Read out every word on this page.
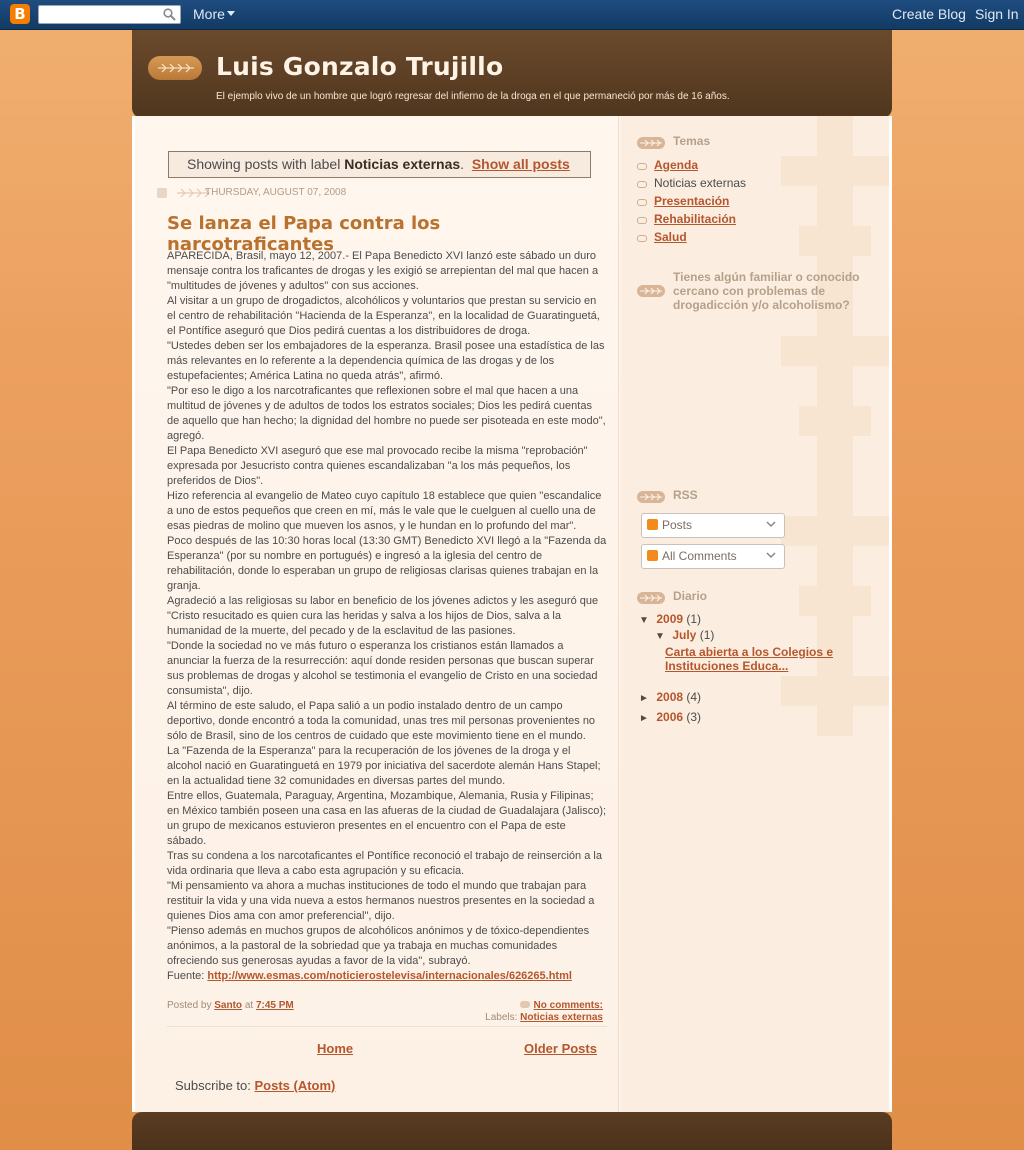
B	More	Create Blog Sign In
Luis Gonzalo Trujillo
El ejemplo vivo de un hombre que logró regresar del infierno de la droga en el que permaneció por más de 16 años.
Showing posts with label Noticias externas. Show all posts
THURSDAY, AUGUST 07, 2008
Se lanza el Papa contra los narcotraficantes

APARECIDA, Brasil, mayo 12, 2007.- El Papa Benedicto XVI lanzó este sábado un duro mensaje contra los traficantes de drogas y les exigió se arrepientan del mal que hacen a "multitudes de jóvenes y adultos" con sus acciones.

Al visitar a un grupo de drogadictos, alcohólicos y voluntarios que prestan su servicio en el centro de rehabilitación "Hacienda de la Esperanza", en la localidad de Guaratinguetá, el Pontífice aseguró que Dios pedirá cuentas a los distribuidores de droga.

"Ustedes deben ser los embajadores de la esperanza. Brasil posee una estadística de las más relevantes en lo referente a la dependencia química de las drogas y de los estupefacientes; América Latina no queda atrás", afirmó.

"Por eso le digo a los narcotraficantes que reflexionen sobre el mal que hacen a una multitud de jóvenes y de adultos de todos los estratos sociales; Dios les pedirá cuentas de aquello que han hecho; la dignidad del hombre no puede ser pisoteada en este modo", agregó.

El Papa Benedicto XVI aseguró que ese mal provocado recibe la misma "reprobación" expresada por Jesucristo contra quienes escandalizaban "a los más pequeños, los preferidos de Dios".

Hizo referencia al evangelio de Mateo cuyo capítulo 18 establece que quien "escandalice a uno de estos pequeños que creen en mí, más le vale que le cuelguen al cuello una de esas piedras de molino que mueven los asnos, y le hundan en lo profundo del mar".

Poco después de las 10:30 horas local (13:30 GMT) Benedicto XVI llegó a la "Fazenda da Esperanza" (por su nombre en portugués) e ingresó a la iglesia del centro de rehabilitación, donde lo esperaban un grupo de religiosas clarisas quienes trabajan en la granja.

Agradeció a las religiosas su labor en beneficio de los jóvenes adictos y les aseguró que "Cristo resucitado es quien cura las heridas y salva a los hijos de Dios, salva a la humanidad de la muerte, del pecado y de la esclavitud de las pasiones.

"Donde la sociedad no ve más futuro o esperanza los cristianos están llamados a anunciar la fuerza de la resurrección: aquí donde residen personas que buscan superar sus problemas de drogas y alcohol se testimonia el evangelio de Cristo en una sociedad consumista", dijo.

Al término de este saludo, el Papa salió a un podio instalado dentro de un campo deportivo, donde encontró a toda la comunidad, unas tres mil personas provenientes no sólo de Brasil, sino de los centros de cuidado que este movimiento tiene en el mundo.

La "Fazenda de la Esperanza" para la recuperación de los jóvenes de la droga y el alcohol nació en Guaratinguetá en 1979 por iniciativa del sacerdote alemán Hans Stapel; en la actualidad tiene 32 comunidades en diversas partes del mundo.

Entre ellos, Guatemala, Paraguay, Argentina, Mozambique, Alemania, Rusia y Filipinas; en México también poseen una casa en las afueras de la ciudad de Guadalajara (Jalisco); un grupo de mexicanos estuvieron presentes en el encuentro con el Papa de este sábado.

Tras su condena a los narcotaficantes el Pontífice reconoció el trabajo de reinserción a la vida ordinaria que lleva a cabo esta agrupación y su eficacia.

"Mi pensamiento va ahora a muchas instituciones de todo el mundo que trabajan para restituir la vida y una vida nueva a estos hermanos nuestros presentes en la sociedad a quienes Dios ama con amor preferencial", dijo.

"Pienso además en muchos grupos de alcohólicos anónimos y de tóxico-dependientes anónimos, a la pastoral de la sobriedad que ya trabaja en muchas comunidades ofreciendo sus generosas ayudas a favor de la vida", subrayó.

Fuente: http://www.esmas.com/noticierostelevisa/internacionales/626265.html

Posted by Santo at 7:45 PM	No comments:
Labels: Noticias externas
Home	Older Posts
Subscribe to: Posts (Atom)
Temas
Agenda
Noticias externas
Presentación
Rehabilitación
Salud
Tienes algún familiar o conocido cercano con problemas de drogadicción y/o alcoholismo?
RSS
Posts
All Comments
Diario
▼ 2009 (1)
▼ July (1)
Carta abierta a los Colegios e Instituciones Educa...
► 2008 (4)
► 2006 (3)
